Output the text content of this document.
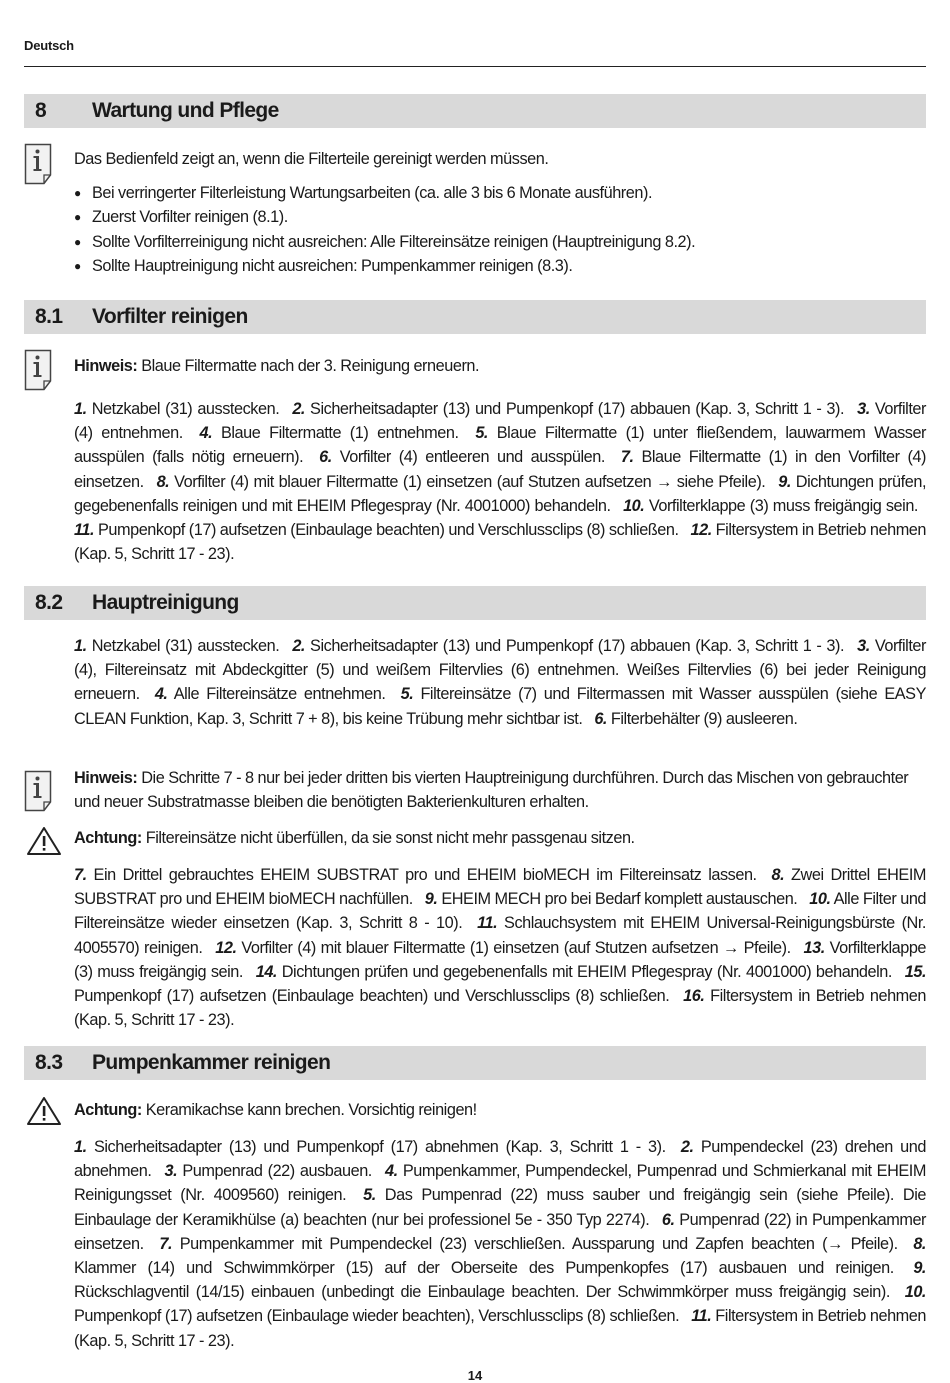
Deutsch
8	Wartung und Pflege
Das Bedienfeld zeigt an, wenn die Filterteile gereinigt werden müssen.
● Bei verringerter Filterleistung Wartungsarbeiten (ca. alle 3 bis 6 Monate ausführen).
● Zuerst Vorfilter reinigen (8.1).
● Sollte Vorfilterreinigung nicht ausreichen: Alle Filtereinsätze reinigen (Hauptreinigung 8.2).
● Sollte Hauptreinigung nicht ausreichen: Pumpenkammer reinigen (8.3).
8.1	Vorfilter reinigen
Hinweis: Blaue Filtermatte nach der 3. Reinigung erneuern.
1. Netzkabel (31) ausstecken. 2. Sicherheitsadapter (13) und Pumpenkopf (17) abbauen (Kap. 3, Schritt 1 - 3). 3. Vorfilter (4) entnehmen. 4. Blaue Filtermatte (1) entnehmen. 5. Blaue Filtermatte (1) unter fließendem, lauwarmem Wasser ausspülen (falls nötig erneuern). 6. Vorfilter (4) entleeren und ausspülen. 7. Blaue Filtermatte (1) in den Vorfilter (4) einsetzen. 8. Vorfilter (4) mit blauer Filtermatte (1) einsetzen (auf Stutzen aufsetzen → siehe Pfeile). 9. Dichtungen prüfen, gegebenenfalls reinigen und mit EHEIM Pflegespray (Nr. 4001000) behandeln. 10. Vorfilterklappe (3) muss freigängig sein. 11. Pumpenkopf (17) aufsetzen (Einbaulage beachten) und Verschlussclips (8) schließen. 12. Filtersystem in Betrieb nehmen (Kap. 5, Schritt 17 - 23).
8.2	Hauptreinigung
1. Netzkabel (31) ausstecken. 2. Sicherheitsadapter (13) und Pumpenkopf (17) abbauen (Kap. 3, Schritt 1 - 3). 3. Vorfilter (4), Filtereinsatz mit Abdeckgitter (5) und weißem Filtervlies (6) entnehmen. Weißes Filtervlies (6) bei jeder Reinigung erneuern. 4. Alle Filtereinsätze entnehmen. 5. Filtereinsätze (7) und Filtermassen mit Wasser ausspülen (siehe EASY CLEAN Funktion, Kap. 3, Schritt 7 + 8), bis keine Trübung mehr sichtbar ist. 6. Filterbehälter (9) ausleeren.
Hinweis: Die Schritte 7 - 8 nur bei jeder dritten bis vierten Hauptreinigung durchführen. Durch das Mischen von gebrauchter und neuer Substratmasse bleiben die benötigten Bakterienkulturen erhalten.
Achtung: Filtereinsätze nicht überfüllen, da sie sonst nicht mehr passgenau sitzen.
7. Ein Drittel gebrauchtes EHEIM SUBSTRAT pro und EHEIM bioMECH im Filtereinsatz lassen. 8. Zwei Drittel EHEIM SUBSTRAT pro und EHEIM bioMECH nachfüllen. 9. EHEIM MECH pro bei Bedarf komplett austauschen. 10. Alle Filter und Filtereinsätze wieder einsetzen (Kap. 3, Schritt 8 - 10). 11. Schlauchsystem mit EHEIM Universal-Reinigungsbürste (Nr. 4005570) reinigen. 12. Vorfilter (4) mit blauer Filtermatte (1) einsetzen (auf Stutzen aufsetzen → Pfeile). 13. Vorfilterklappe (3) muss freigängig sein. 14. Dichtungen prüfen und gegebenenfalls mit EHEIM Pflegespray (Nr. 4001000) behandeln. 15. Pumpenkopf (17) aufsetzen (Einbaulage beachten) und Verschlussclips (8) schließen. 16. Filtersystem in Betrieb nehmen (Kap. 5, Schritt 17 - 23).
8.3	Pumpenkammer reinigen
Achtung: Keramikachse kann brechen. Vorsichtig reinigen!
1. Sicherheitsadapter (13) und Pumpenkopf (17) abnehmen (Kap. 3, Schritt 1 - 3). 2. Pumpendeckel (23) drehen und abnehmen. 3. Pumpenrad (22) ausbauen. 4. Pumpenkammer, Pumpendeckel, Pumpenrad und Schmierkanal mit EHEIM Reinigungsset (Nr. 4009560) reinigen. 5. Das Pumpenrad (22) muss sauber und freigängig sein (siehe Pfeile). Die Einbaulage der Keramikhülse (a) beachten (nur bei professionel 5e - 350 Typ 2274). 6. Pumpenrad (22) in Pumpenkammer einsetzen. 7. Pumpenkammer mit Pumpendeckel (23) verschließen. Aussparung und Zapfen beachten (→ Pfeile). 8. Klammer (14) und Schwimmkörper (15) auf der Oberseite des Pumpenkopfes (17) ausbauen und reinigen. 9. Rückschlagventil (14/15) einbauen (unbedingt die Einbaulage beachten. Der Schwimmkörper muss freigängig sein). 10. Pumpenkopf (17) aufsetzen (Einbaulage wieder beachten), Verschlussclips (8) schließen. 11. Filtersystem in Betrieb nehmen (Kap. 5, Schritt 17 - 23).
14
